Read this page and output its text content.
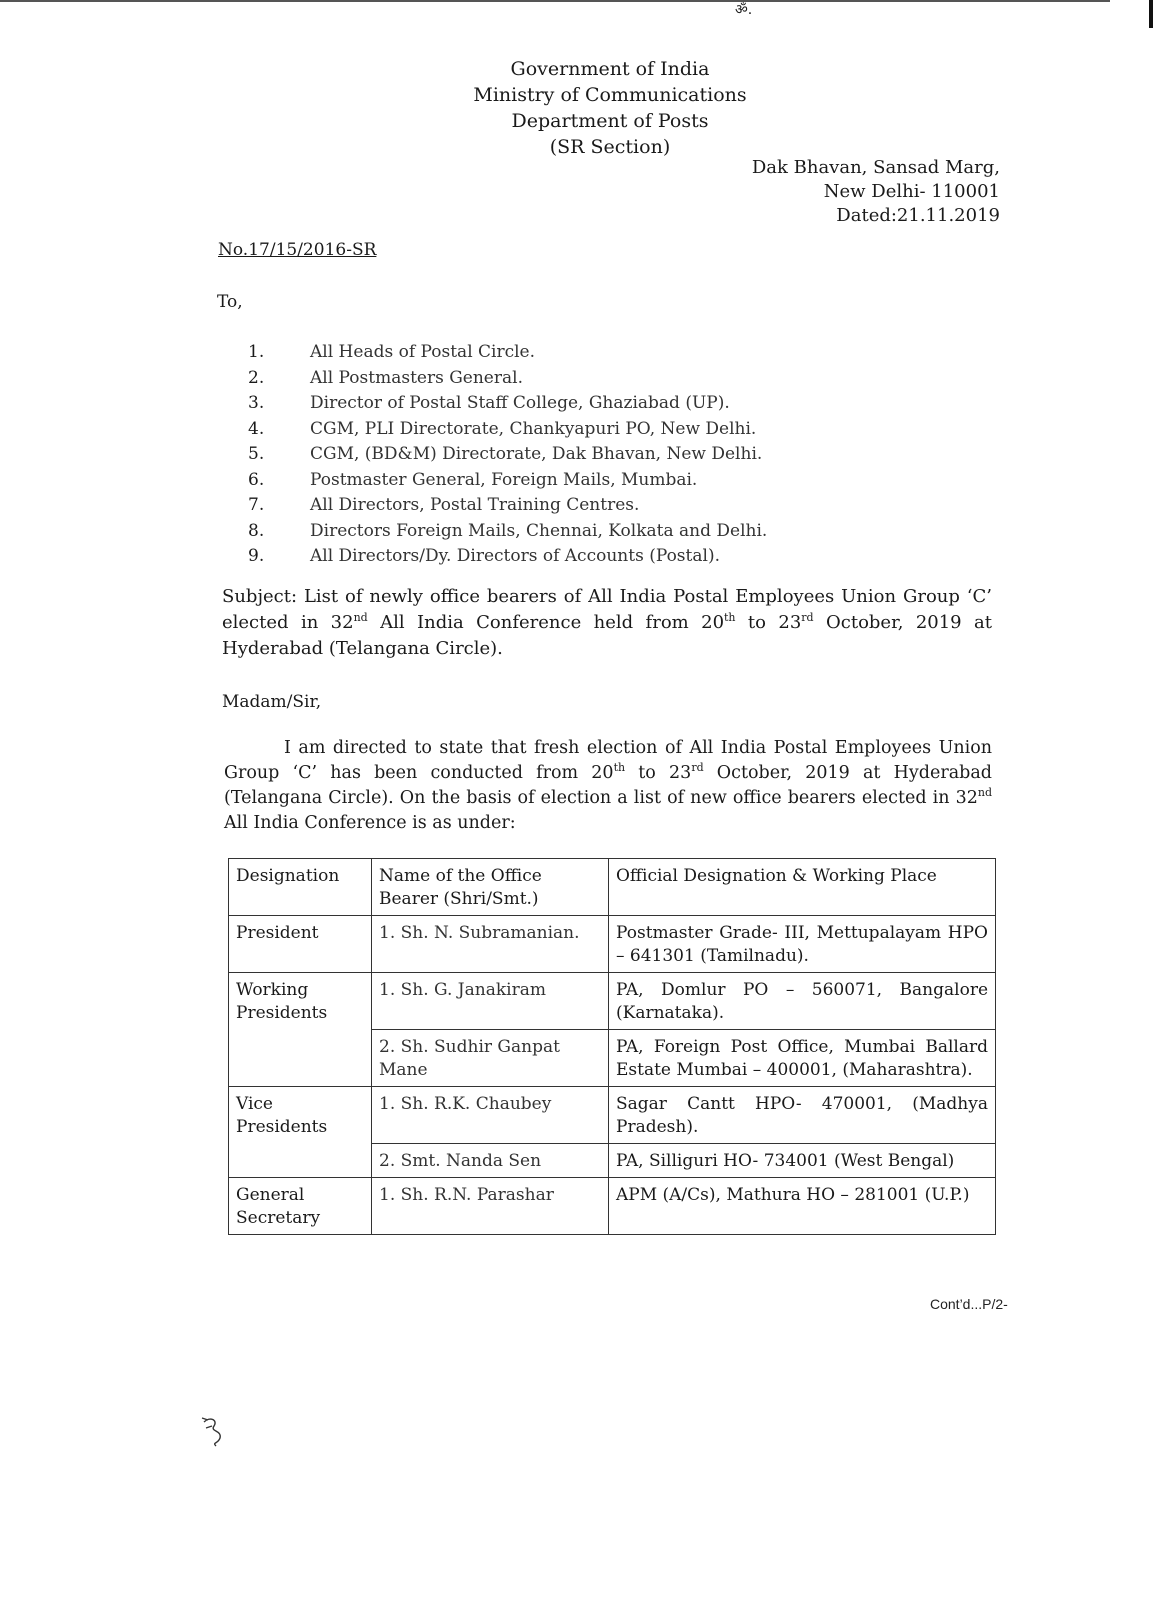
ॐ.
Government of India
Ministry of Communications
Department of Posts
(SR Section)
Dak Bhavan, Sansad Marg,
New Delhi- 110001
Dated:21.11.2019
No.17/15/2016-SR
To,
1.	All Heads of Postal Circle.
2.	All Postmasters General.
3.	Director of Postal Staff College, Ghaziabad (UP).
4.	CGM, PLI Directorate, Chankyapuri PO, New Delhi.
5.	CGM, (BD&M) Directorate, Dak Bhavan, New Delhi.
6.	Postmaster General, Foreign Mails, Mumbai.
7.	All Directors, Postal Training Centres.
8.	Directors Foreign Mails, Chennai, Kolkata and Delhi.
9.	All Directors/Dy. Directors of Accounts (Postal).
Subject: List of newly office bearers of All India Postal Employees Union Group ‘C’ elected in 32nd All India Conference held from 20th to 23rd October, 2019 at Hyderabad (Telangana Circle).
Madam/Sir,
I am directed to state that fresh election of All India Postal Employees Union Group ‘C’ has been conducted from 20th to 23rd October, 2019 at Hyderabad (Telangana Circle). On the basis of election a list of new office bearers elected in 32nd All India Conference is as under:
Designation	Name of the Office Bearer (Shri/Smt.)	Official Designation & Working Place
President	1. Sh. N. Subramanian.	Postmaster Grade- III, Mettupalayam HPO – 641301 (Tamilnadu).
Working Presidents	1. Sh. G. Janakiram	PA, Domlur PO – 560071, Bangalore (Karnataka).
	2. Sh. Sudhir Ganpat Mane	PA, Foreign Post Office, Mumbai Ballard Estate Mumbai – 400001, (Maharashtra).
Vice Presidents	1. Sh. R.K. Chaubey	Sagar Cantt HPO- 470001, (Madhya Pradesh).
	2. Smt. Nanda Sen	PA, Silliguri HO- 734001 (West Bengal)
General Secretary	1. Sh. R.N. Parashar	APM (A/Cs), Mathura HO – 281001 (U.P.)
Cont’d...P/2-
